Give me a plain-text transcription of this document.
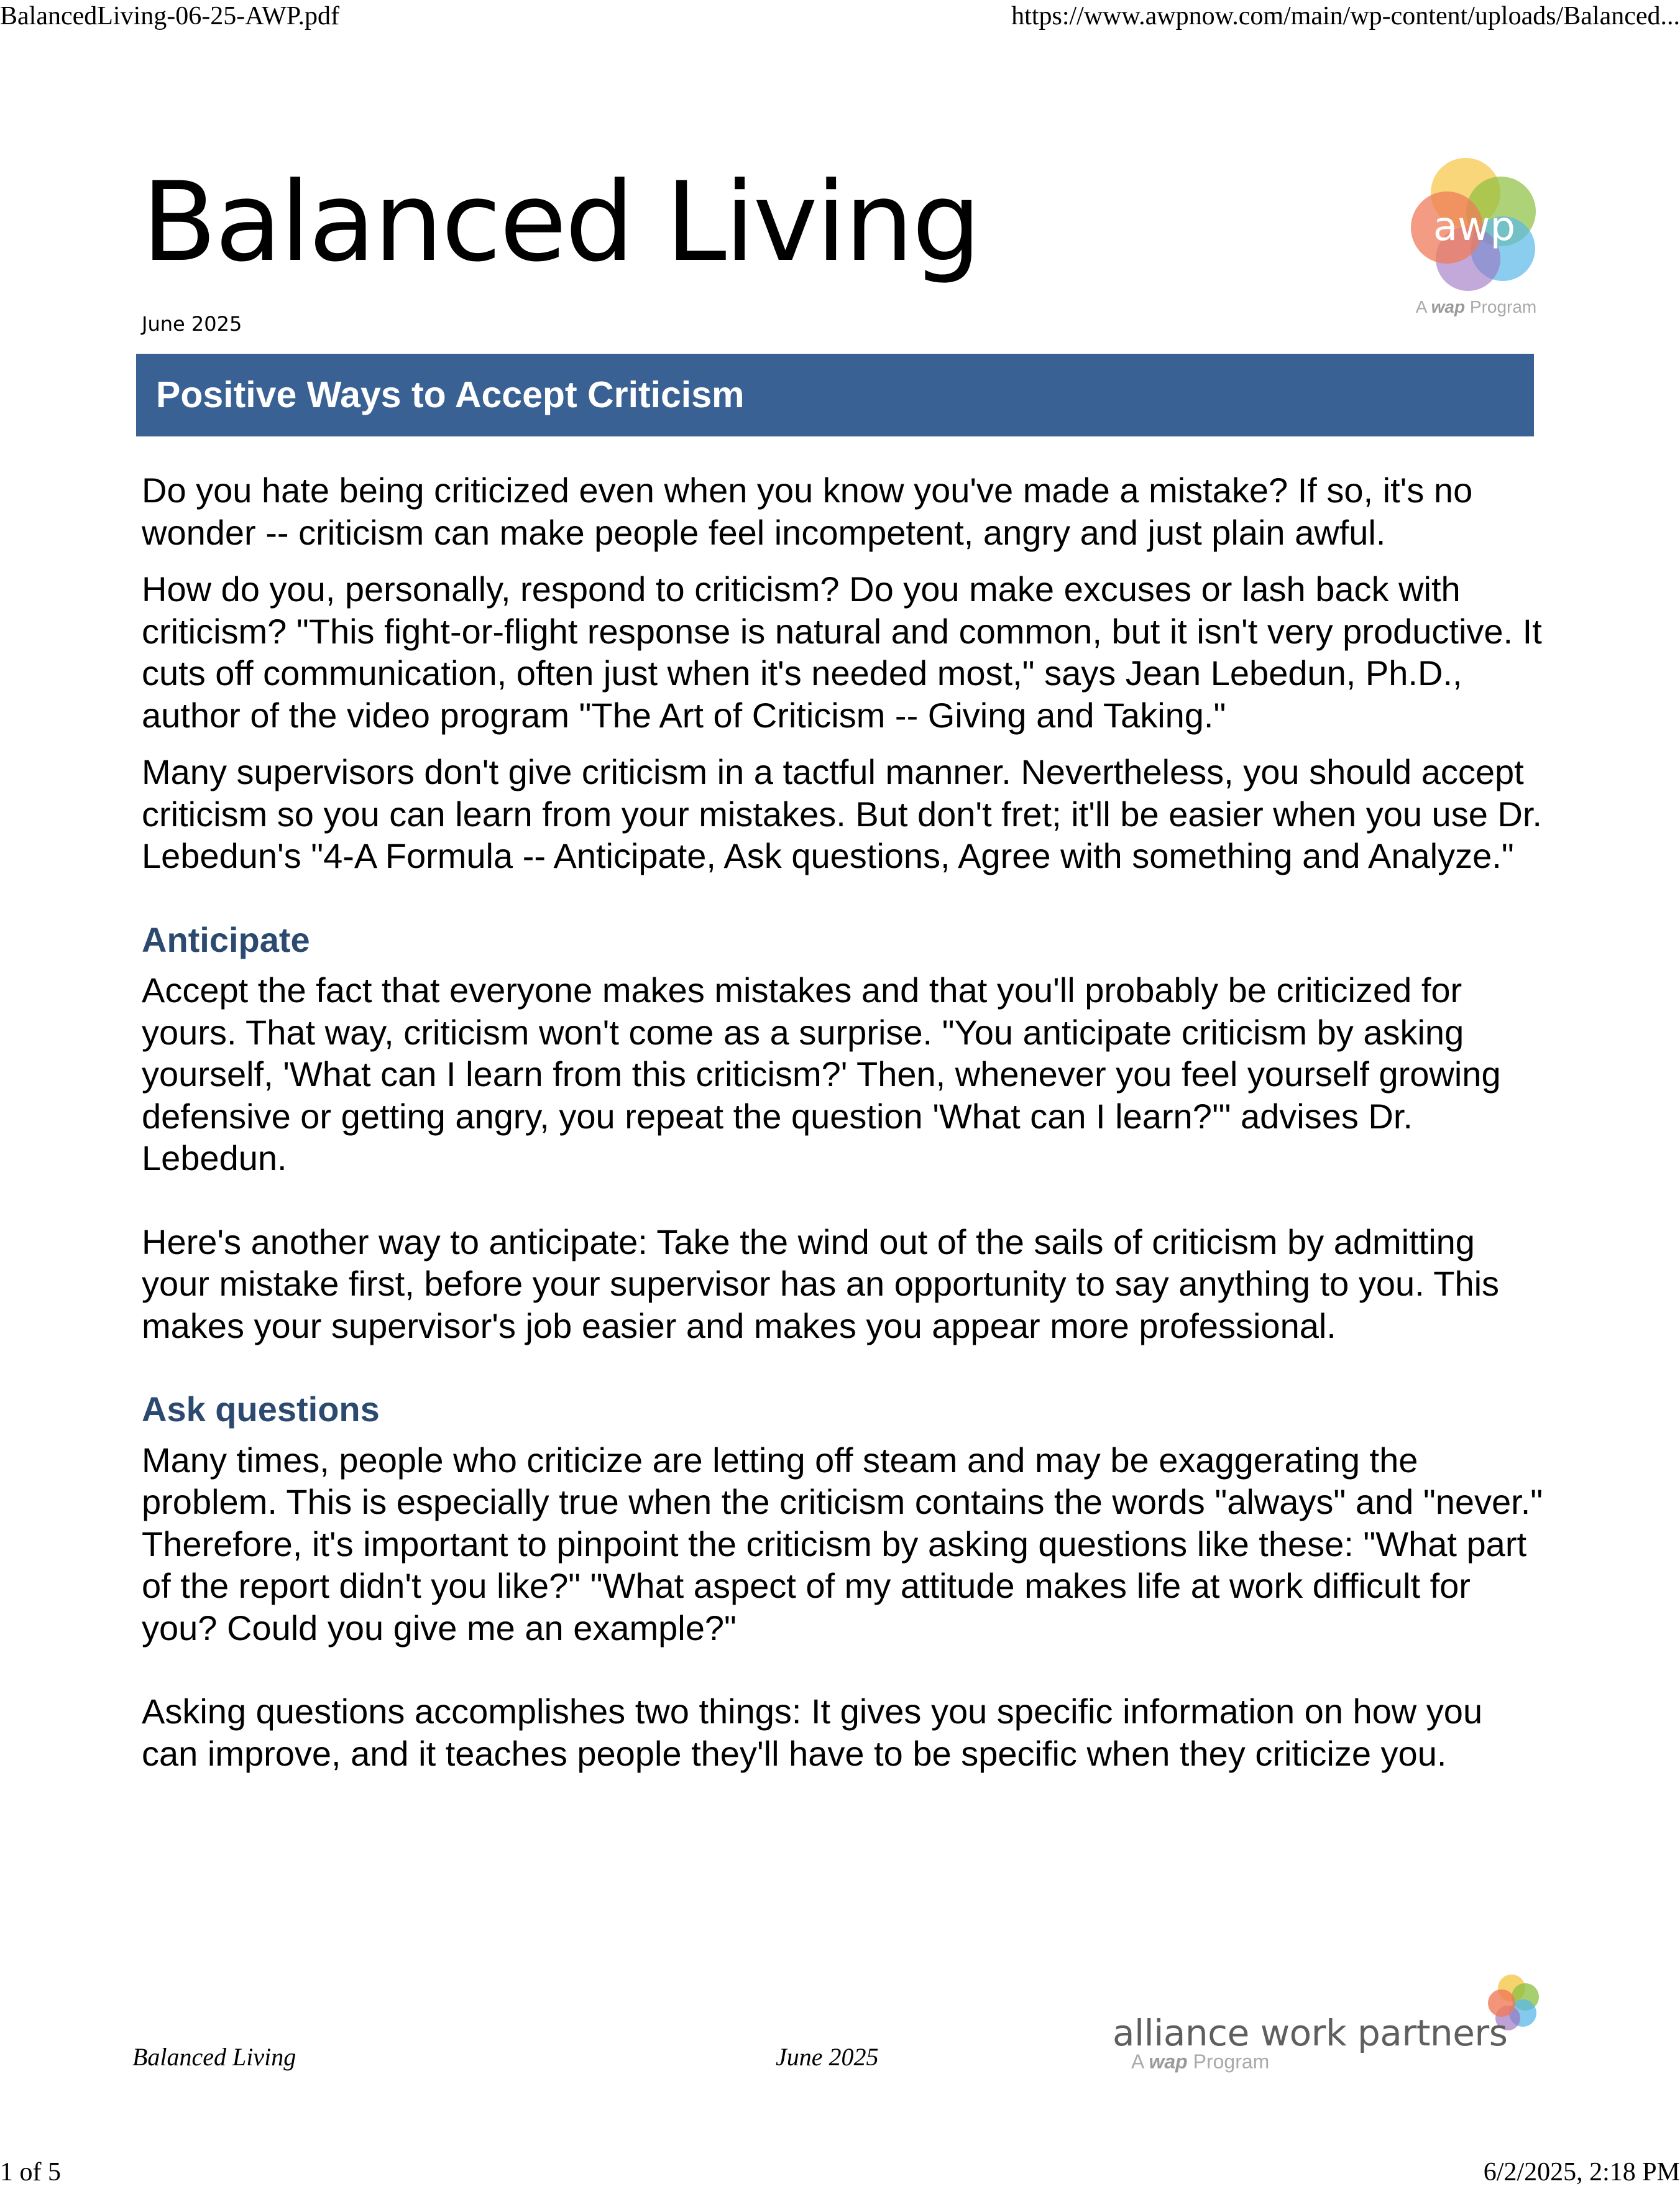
BalancedLiving-06-25-AWP.pdf	https://www.awpnow.com/main/wp-content/uploads/Balanced...
Balanced Living
June 2025
awp
A wap Program
Positive Ways to Accept Criticism

Do you hate being criticized even when you know you've made a mistake? If so, it's no wonder -- criticism can make people feel incompetent, angry and just plain awful.

How do you, personally, respond to criticism? Do you make excuses or lash back with criticism? "This fight-or-flight response is natural and common, but it isn't very productive. It cuts off communication, often just when it's needed most," says Jean Lebedun, Ph.D., author of the video program "The Art of Criticism -- Giving and Taking."

Many supervisors don't give criticism in a tactful manner. Nevertheless, you should accept criticism so you can learn from your mistakes. But don't fret; it'll be easier when you use Dr. Lebedun's "4-A Formula -- Anticipate, Ask questions, Agree with something and Analyze."

Anticipate

Accept the fact that everyone makes mistakes and that you'll probably be criticized for yours. That way, criticism won't come as a surprise. "You anticipate criticism by asking yourself, 'What can I learn from this criticism?' Then, whenever you feel yourself growing defensive or getting angry, you repeat the question 'What can I learn?'" advises Dr. Lebedun.

Here's another way to anticipate: Take the wind out of the sails of criticism by admitting your mistake first, before your supervisor has an opportunity to say anything to you. This makes your supervisor's job easier and makes you appear more professional.

Ask questions

Many times, people who criticize are letting off steam and may be exaggerating the problem. This is especially true when the criticism contains the words "always" and "never." Therefore, it's important to pinpoint the criticism by asking questions like these: "What part of the report didn't you like?" "What aspect of my attitude makes life at work difficult for you? Could you give me an example?"

Asking questions accomplishes two things: It gives you specific information on how you can improve, and it teaches people they'll have to be specific when they criticize you.

Balanced Living	June 2025
alliance work partners
A wap Program
1 of 5	6/2/2025, 2:18 PM
